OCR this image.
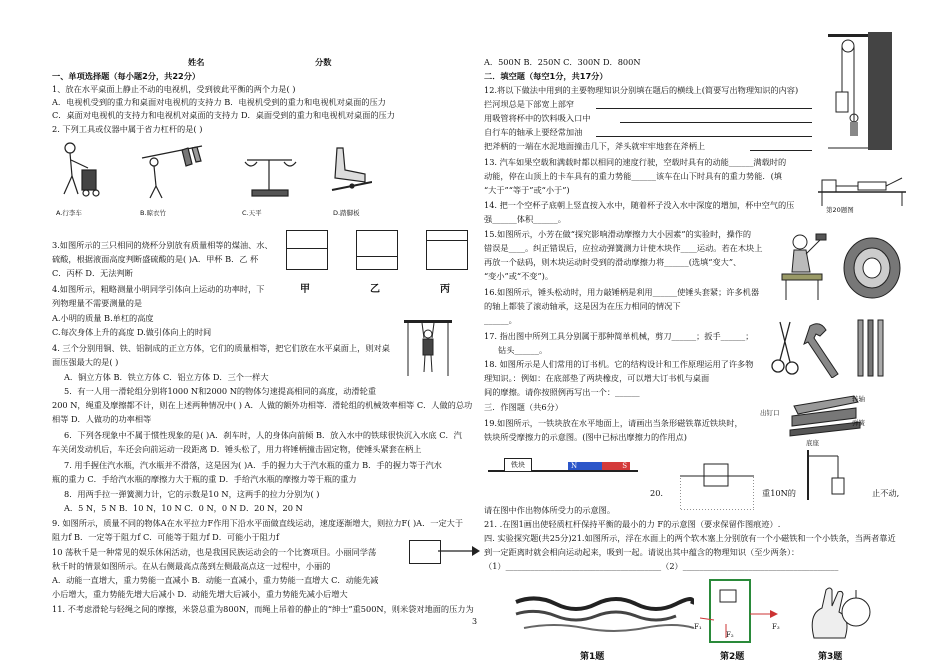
姓名	分数
一、单项选择题（每小题2分，共22分）
1、放在水平桌面上静止不动的电视机，受到彼此平衡的两个力是( )
A．电视机受到的重力和桌面对电视机的支持力 B．电视机受到的重力和电视机对桌面的压力
C．桌面对电视机的支持力和电视机对桌面的支持力 D．桌面受到的重力和电视机对桌面的压力
2. 下列工具或仪器中属于省力杠杆的是( )
A.行李车	B.晾衣竹	C.天平	D.踏脚板
3.如图所示的三只相同的烧杯分别放有质量相等的煤油、水、
硫酸，根据液面高度判断盛硫酸的是( )A．甲杯 B．乙 杯
C．丙杯 D．无法判断
甲	乙	丙
4.如图所示，粗略测量小明同学引体向上运动的功率时，下
列物理量不需要测量的是
A.小明的质量 B.单杠的高度
C.每次身体上升的高度 D.做引体向上的时间
4. 三个分别用铜、铁、铝制成的正立方体，它们的质量相等，把它们放在水平桌面上，则对桌
面压强最大的是( )
A．铜立方体 B．铁立方体 C．铝立方体 D．三个一样大
5．有一人用一滑轮组分别将1000 N和2000 N的物体匀速提高相同的高度，动滑轮重
200 N，绳重及摩擦都不计，则在上述两种情况中( ) A．人做的额外功相等．滑轮组的机械效率相等 C．人做的总功
相等 D．人做功的功率相等
6．下列各现象中不属于惯性现象的是( )A．刹车时，人的身体向前倾 B．放入水中的铁球很快沉入水底 C．汽
车关闭发动机后，车还会向前运动一段距离 D．锤头松了，用力将锤柄撞击固定物，使锤头紧套在柄上
7. 用手握住汽水瓶，汽水瓶并不滑落，这是因为( )A．手的握力大于汽水瓶的重力 B．手的握力等于汽水
瓶的重力 C．手给汽水瓶的摩擦力大于瓶的重 D．手给汽水瓶的摩擦力等于瓶的重力
8．用两手拉一弹簧测力计，它的示数是10 N，这两手的拉力分别为( )
A．5 N，5 N B．10 N，10 N C．0 N，0 N D．20 N，20 N
9. 如图所示，质量不同的物体A在水平拉力F作用下沿水平面做直线运动，速度逐渐增大，则拉力F( )A．一定大于
阻力f B．一定等于阻力f C．可能等于阻力f D．可能小于阻力f
10 荡秋千是一种常见的娱乐休闲活动，也是我国民族运动会的一个比赛项目。小丽同学荡
秋千时的情景如图所示。在从右侧最高点荡到左侧最高点这一过程中，小丽的
A．动能一直增大，重力势能一直减小 B．动能一直减小，重力势能一直增大 C．动能先减
小后增大，重力势能先增大后减小 D．动能先增大后减小，重力势能先减小后增大
11. 不考虑滑轮与轻绳之间的摩擦，米袋总重为800N，而绳上吊着的静止的“绅士”重500N，则米袋对地面的压力为
3
A．500N B．250N C．300N D．800N
二．填空题（每空1分，共17分）
12.将以下做法中用到的主要物理知识分别填在题后的横线上(简要写出物理知识的内容)
拦河坝总是下部宽上部窄
用吸管将杯中的饮料吸入口中
自行车的轴承上要经常加油
把斧柄的一端在水泥地面撞击几下，斧头就牢牢地套在斧柄上
13. 汽车如果空载和满载时都以相同的速度行驶，空载时具有的动能______满载时的
动能，停在山顶上的卡车具有的重力势能______该车在山下时具有的重力势能．(填
“大于”“等于”或“小于”)
14. 把一个空杯子底朝上竖直按入水中，随着杯子没入水中深度的增加，杯中空气的压
强______体积______。
第20题图
15.如图所示，小芳在做“探究影响滑动摩擦力大小因素”的实验时，操作的
错误是____。纠正错误后，应拉动弹簧测力计使木块作____运动。若在木块上
再放一个砝码，则木块运动时受到的滑动摩擦力将______(选填“变大”、
“变小”或“不变”)。
16.如图所示，锤头松动时，用力敲锤柄是利用______使锤头套紧；许多机器
的轴上都装了滚动轴承，这是因为在压力相同的情况下
______。
17. 指出图中所列工具分别属于那种简单机械，剪刀______；扳手______；
钻头______。
18. 如图所示是人们常用的订书机。它的结构设计和工作原理运用了许多物
理知识。：例如：在底部垫了两块橡皮，可以增大订书机与桌面
间的摩擦。请你按照例再写出一个：______
出钉口
转轴
弹簧
底座
三．作图题（共6分）
19.如图所示，一铁块放在水平地面上，请画出当条形磁铁靠近铁块时，
铁块所受摩擦力的示意图。(图中已标出摩擦力的作用点)
铁块	N	S
20.	重10N的	止不动,
请在图中作出物体所受力的示意图。
21. .在图1画出使轻质杠杆保持平衡的最小的力 F的示意图（要求保留作图痕迹）.
四. 实验探究题(共25分)21.如图所示，浮在水面上的两个软木塞上分别放有一个小磁铁和一个小铁条，当两者靠近
到一定距离时就会相向运动起来，吸到一起。请说出其中蕴含的物理知识（至少两条）：
（1）______________________________________（2）______________________________________
第1题
F₁
F₂
F₃
第2题	第3题
